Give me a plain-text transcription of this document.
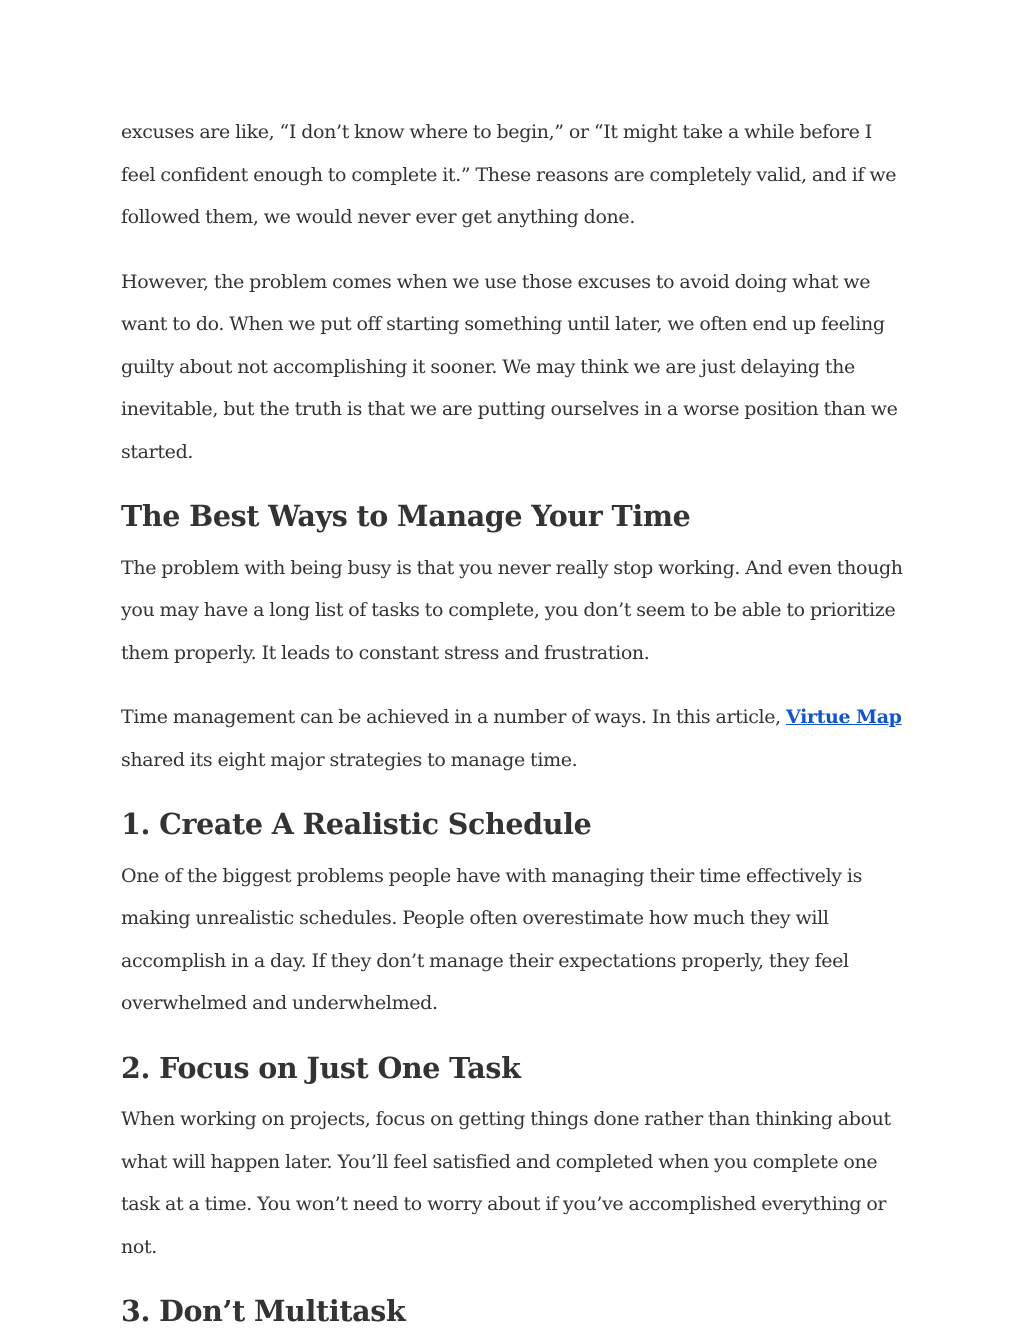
excuses are like, “I don’t know where to begin,” or “It might take a while before I feel confident enough to complete it.” These reasons are completely valid, and if we followed them, we would never ever get anything done.

However, the problem comes when we use those excuses to avoid doing what we want to do. When we put off starting something until later, we often end up feeling guilty about not accomplishing it sooner. We may think we are just delaying the inevitable, but the truth is that we are putting ourselves in a worse position than we started.

The Best Ways to Manage Your Time

The problem with being busy is that you never really stop working. And even though you may have a long list of tasks to complete, you don’t seem to be able to prioritize them properly. It leads to constant stress and frustration.

Time management can be achieved in a number of ways. In this article, Virtue Map shared its eight major strategies to manage time.

1. Create A Realistic Schedule

One of the biggest problems people have with managing their time effectively is making unrealistic schedules. People often overestimate how much they will accomplish in a day. If they don’t manage their expectations properly, they feel overwhelmed and underwhelmed.

2. Focus on Just One Task

When working on projects, focus on getting things done rather than thinking about what will happen later. You’ll feel satisfied and completed when you complete one task at a time. You won’t need to worry about if you’ve accomplished everything or not.

3. Don’t Multitask
